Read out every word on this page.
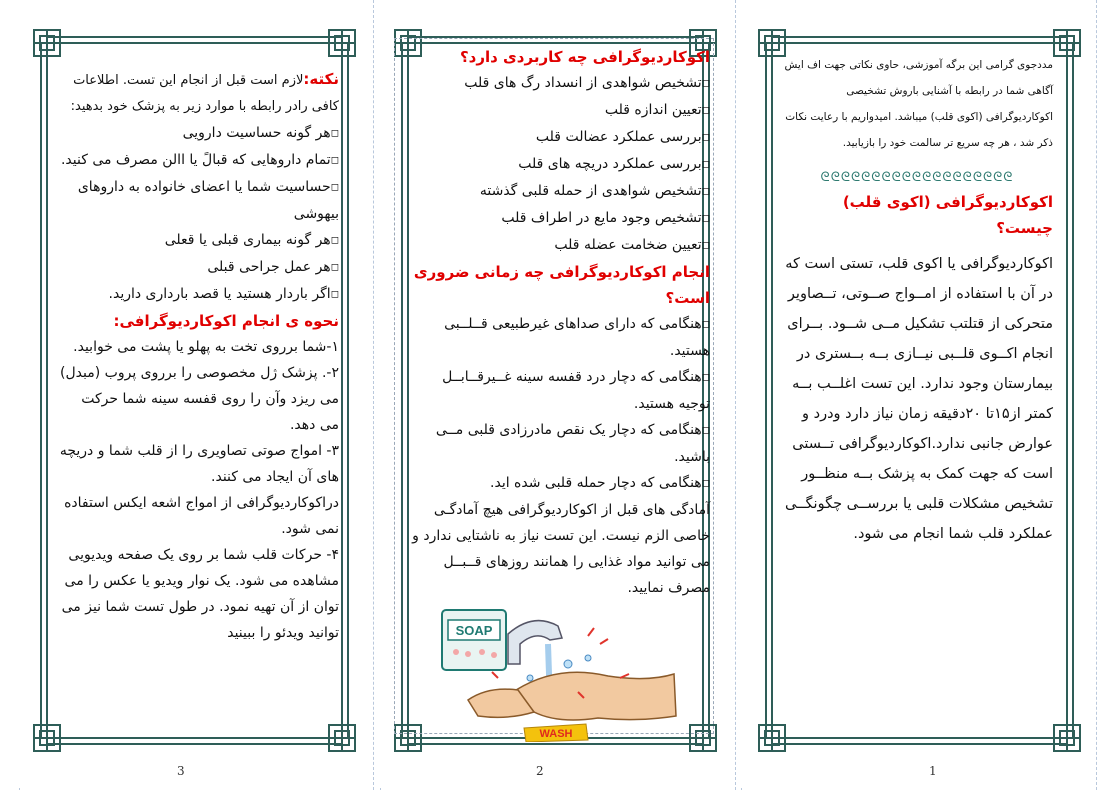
نکته:لازم است قبل از انجام این تست. اطلاعات کافی رادر رابطه با موارد زیر به پزشک خود بدهید:

◻هر گونه حساسیت دارویی

◻تمام داروهایی که قبالً یا االن مصرف می کنید.

◻حساسیت شما یا اعضای خانواده به داروهای بیهوشی

◻هر گونه بیماری قبلی یا قعلی

◻هر عمل جراحی قبلی

◻اگر باردار هستید یا قصد بارداری دارید.

نحوه ی انجام اکوکاردیوگرافی:

۱-شما برروی تخت به پهلو یا پشت می خوابید.

۲-. پزشک ژل مخصوصی را برروی پروب (مبدل) می ریزد وآن را روی قفسه سینه شما حرکت می دهد.

۳- امواج صوتی تصاویری را از قلب شما و دریچه های آن ایجاد می کنند.

دراکوکاردیوگرافی از امواج اشعه ایکس استفاده نمی شود.

۴- حرکات قلب شما بر روی یک صفحه ویدیویی مشاهده می شود. یک نوار ویدیو یا عکس را می توان از آن تهیه نمود. در طول تست شما نیز می توانید ویدئو را ببینید

3

اکوکاردیوگرافی چه کاربردی دارد؟

◻تشخیص شواهدی از انسداد رگ های قلب

◻تعیین اندازه قلب

◻بررسی عملکرد عضالت قلب

◻بررسی عملکرد دریچه های قلب

◻تشخیص شواهدی از حمله قلبی گذشته

◻تشخیص وجود مایع در اطراف قلب

◻تعیین ضخامت عضله قلب

انجام اکوکاردیوگرافی چه زمانی ضروری است؟

◻هنگامی که دارای صداهای غیرطبیعی قــلــبی هستید.

◻هنگامی که دچار درد قفسه سینه غــیرقــابــل توجیه هستید.

◻هنگامی که دچار یک نقص مادرزادی قلبی مــی باشید.

◻هنگامی که دچار حمله قلبی شده اید.

آمادگی های قبل از اکوکاردیوگرافی هیچ آمادگـی خاصی الزم نیست. این تست نیاز به ناشتایی ندارد و می توانید مواد غذایی را همانند روزهای قــبــل مصرف نمایید.

SOAP
WASH
2

مددجوی گرامی این برگه آموزشی، حاوی نکاتی جهت اف ایش آگاهی شما در رابطه با آشنایی باروش تشخیصی اکوکاردیوگرافی (اکوی قلب) میباشد. امیدواریم با رعایت نکات ذکر شد ، هر چه سریع تر سالمت خود را بازیابید.

ᘓᘓᘓᘓᘓᘓᘓᘓᘓᘓᘓᘓᘓᘓᘓᘓᘓᘓᘓ

اکوکاردیوگرافی (اکوی قلب) چیست؟

اکوکاردیوگرافی یا اکوی قلب، تستی است که در آن با استفاده از امــواج صــوتی، تــصاویر متحرکی از قتلتب تشکیل مــی شــود. بــرای انجام اکــوی قلــبی نیــازی بــه بــستری در بیمارستان وجود ندارد. این تست اغلــب بــه کمتر از۱۵تا ۲۰دقیقه زمان نیاز دارد ودرد و عوارض جانبی ندارد.اکوکاردیوگرافی تــستی است که جهت کمک به پزشک بــه منظــور تشخیص مشکلات قلبی یا بررســی چگونگــی عملکرد قلب شما انجام می شود.

1
